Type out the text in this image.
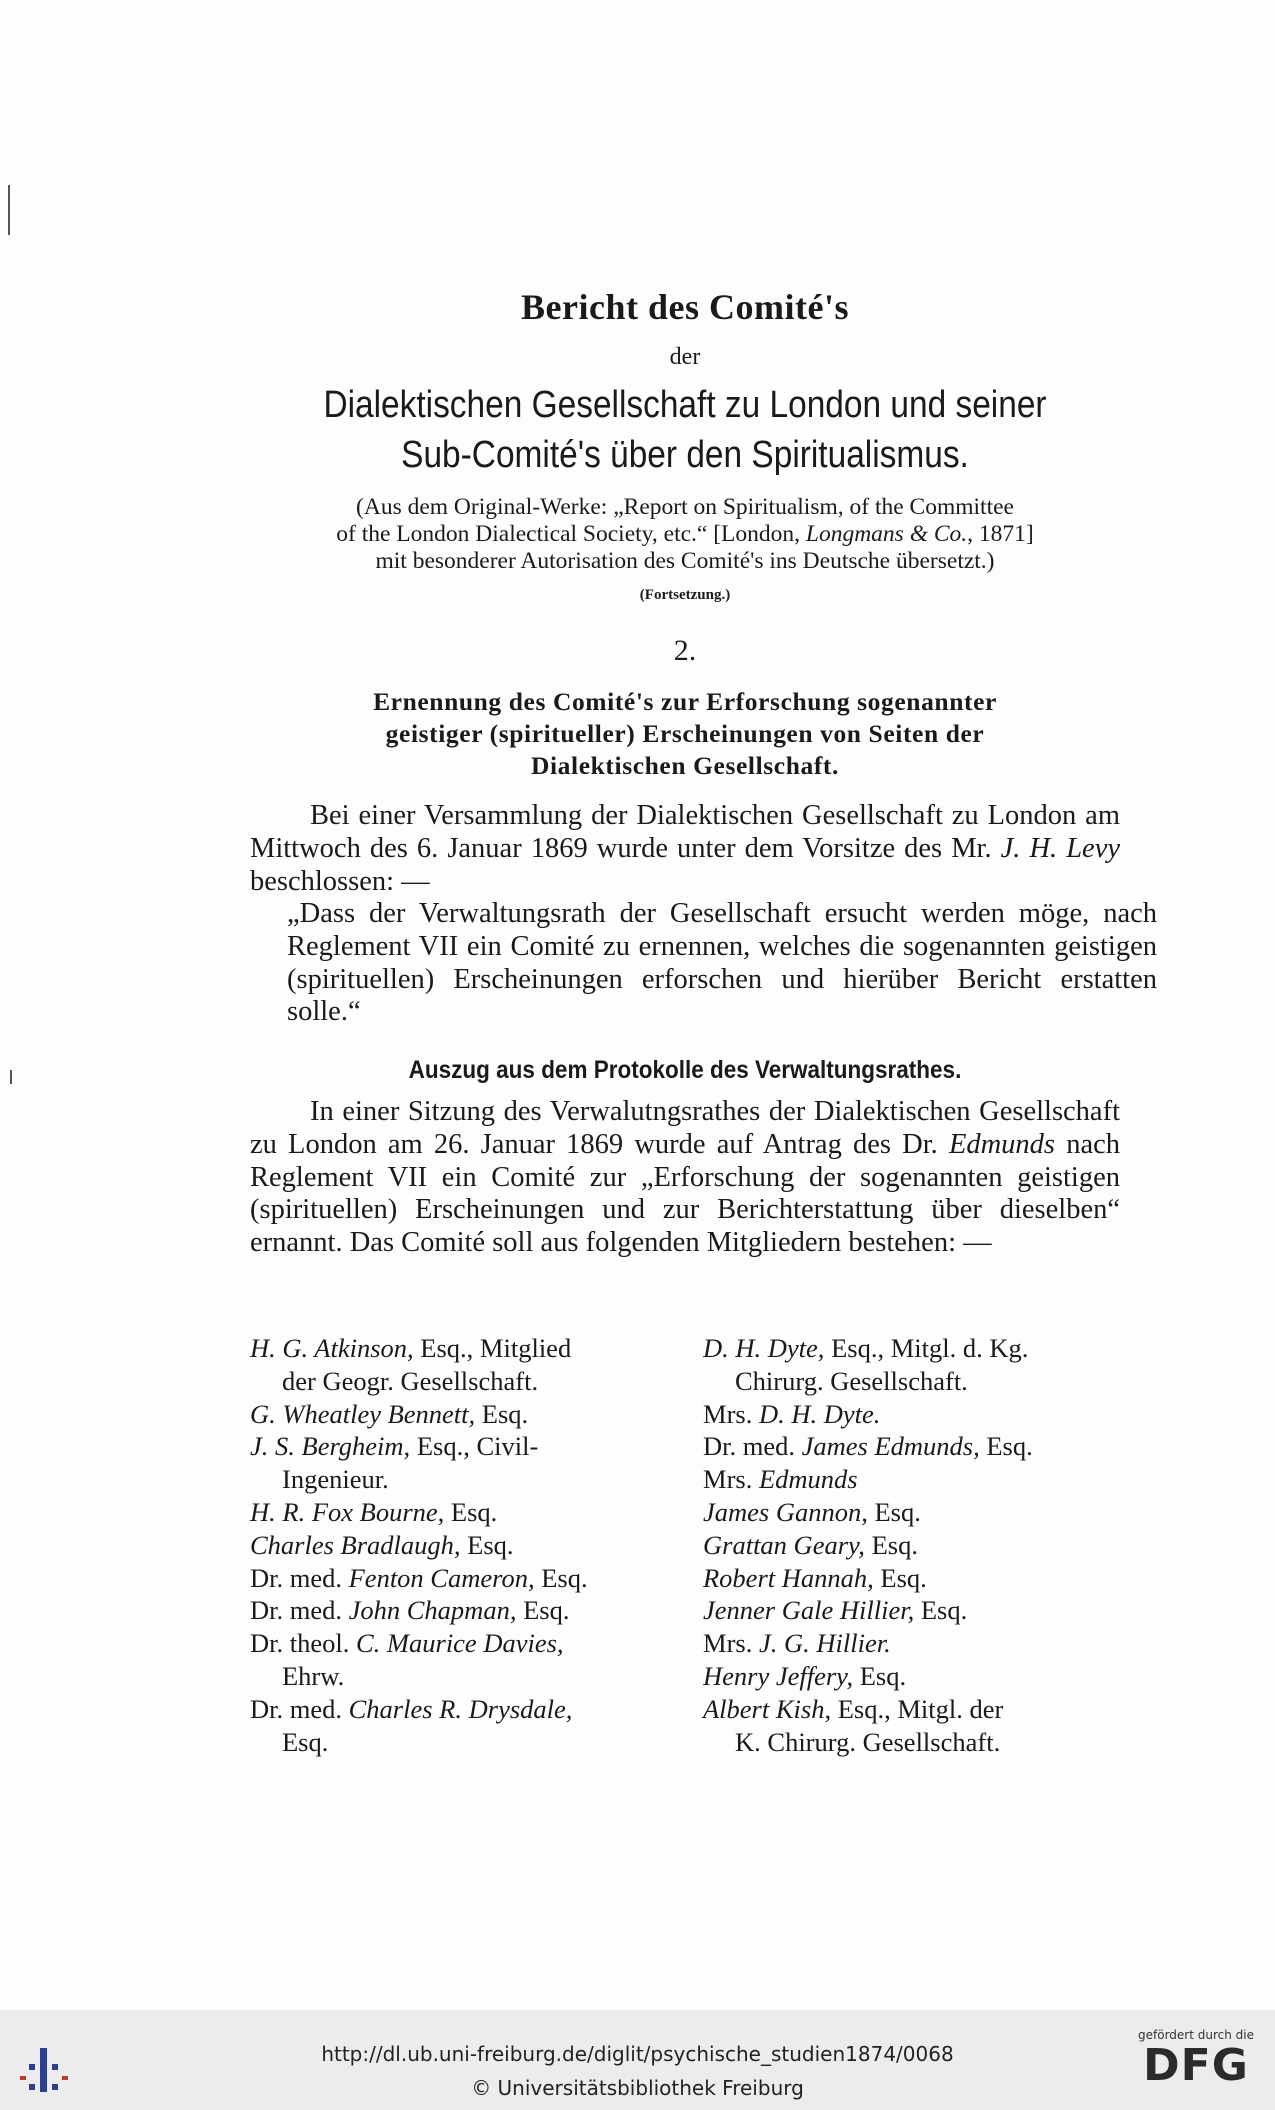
Bericht des Comité's
der
Dialektischen Gesellschaft zu London und seiner
Sub-Comité's über den Spiritualismus.
(Aus dem Original-Werke: „Report on Spiritualism, of the Committee
of the London Dialectical Society, etc.“ [London, Longmans & Co., 1871]
mit besonderer Autorisation des Comité's ins Deutsche übersetzt.)
(Fortsetzung.)
2.
Ernennung des Comité's zur Erforschung sogenannter
geistiger (spiritueller) Erscheinungen von Seiten der
Dialektischen Gesellschaft.
Bei einer Versammlung der Dialektischen Gesellschaft zu London am Mittwoch des 6. Januar 1869 wurde unter dem Vorsitze des Mr. J. H. Levy beschlossen: —
„Dass der Verwaltungsrath der Gesellschaft ersucht werden möge, nach Reglement VII ein Comité zu ernennen, welches die sogenannten geistigen (spirituellen) Erscheinungen erforschen und hierüber Bericht erstatten solle.“
Auszug aus dem Protokolle des Verwaltungsrathes.
In einer Sitzung des Verwalutngsrathes der Dialektischen Gesellschaft zu London am 26. Januar 1869 wurde auf Antrag des Dr. Edmunds nach Reglement VII ein Comité zur „Erforschung der sogenannten geistigen (spirituellen) Erscheinungen und zur Berichterstattung über dieselben“ ernannt. Das Comité soll aus folgenden Mitgliedern bestehen: —
H. G. Atkinson, Esq., Mitglied
der Geogr. Gesellschaft.
G. Wheatley Bennett, Esq.
J. S. Bergheim, Esq., Civil-
Ingenieur.
H. R. Fox Bourne, Esq.
Charles Bradlaugh, Esq.
Dr. med. Fenton Cameron, Esq.
Dr. med. John Chapman, Esq.
Dr. theol. C. Maurice Davies,
Ehrw.
Dr. med. Charles R. Drysdale,
Esq.
D. H. Dyte, Esq., Mitgl. d. Kg.
Chirurg. Gesellschaft.
Mrs. D. H. Dyte.
Dr. med. James Edmunds, Esq.
Mrs. Edmunds
James Gannon, Esq.
Grattan Geary, Esq.
Robert Hannah, Esq.
Jenner Gale Hillier, Esq.
Mrs. J. G. Hillier.
Henry Jeffery, Esq.
Albert Kish, Esq., Mitgl. der
K. Chirurg. Gesellschaft.
http://dl.ub.uni-freiburg.de/diglit/psychische_studien1874/0068
© Universitätsbibliothek Freiburg
gefördert durch die
DFG
